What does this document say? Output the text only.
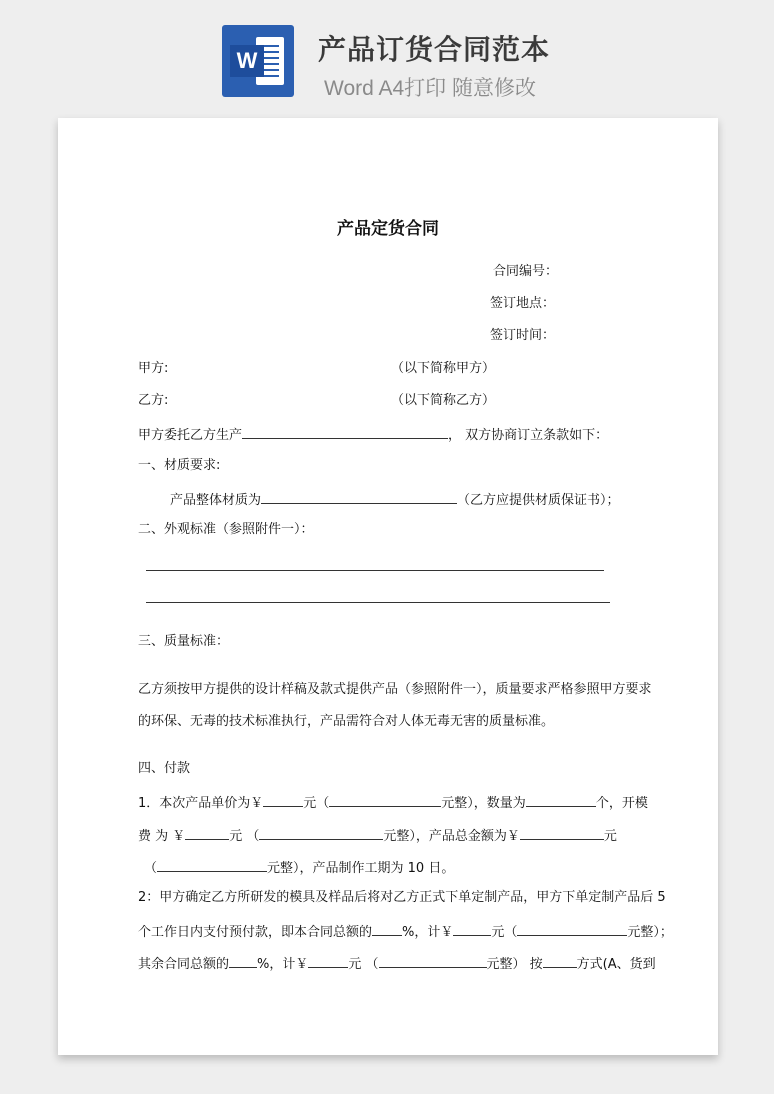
W 产品订货合同范本
Word A4打印 随意修改
产品定货合同
合同编号：
签订地点：
签订时间：
甲方:	（以下简称甲方）
乙方:	（以下简称乙方）
甲方委托乙方生产	， 双方协商订立条款如下：
一、材质要求:
产品整体材质为	（乙方应提供材质保证书）；
二、外观标准（参照附件一）：
三、质量标准：
乙方须按甲方提供的设计样稿及款式提供产品（参照附件一），质量要求严格参照甲方要求
的环保、无毒的技术标准执行，产品需符合对人体无毒无害的质量标准。
四、付款
1．本次产品单价为￥	元（	元整），数量为	个，开模
费 为 ￥	元 （	元整），产品总金额为￥	元
（	元整），产品制作工期为 10 日。
2：甲方确定乙方所研发的模具及样品后将对乙方正式下单定制产品，甲方下单定制产品后 5
个工作日内支付预付款，即本合同总额的 %，计￥	元（	元整）；
其余合同总额的 %，计￥	元 （	元整） 按	方式(A、货到
